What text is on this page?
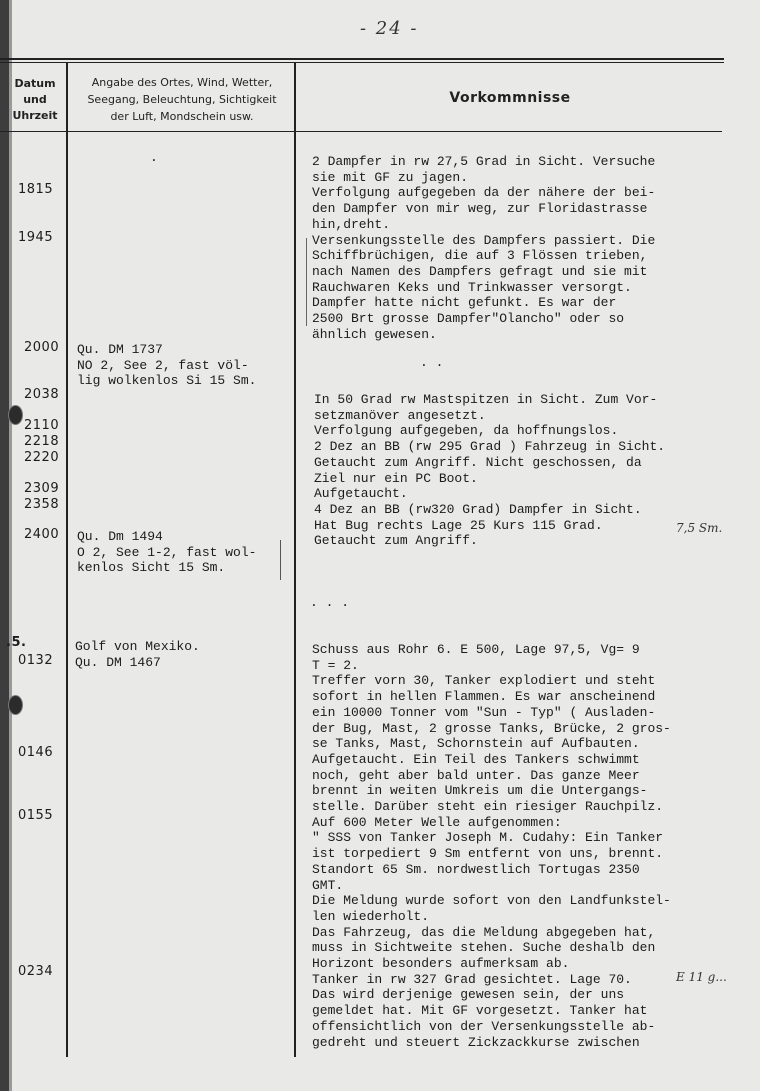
- 24 -
Datum
und
Uhrzeit
Angabe des Ortes, Wind, Wetter,
Seegang, Beleuchtung, Sichtigkeit
der Luft, Mondschein usw.
Vorkommnisse
1815
1945
2000
2038
2110
2218
2220
2309
2358
2400
.5.
0132
0146
0155
0234
Qu. DM 1737
NO 2, See 2, fast völ-
lig wolkenlos Si 15 Sm.
Qu. Dm 1494
O 2, See 1-2, fast wol-
kenlos Sicht 15 Sm.
Golf von Mexiko.
Qu. DM 1467
.	2 Dampfer in rw 27,5 Grad in Sicht. Versuche
sie mit GF zu jagen.
Verfolgung aufgegeben da der nähere der bei-
den Dampfer von mir weg, zur Floridastrasse
hin,dreht.
Versenkungsstelle des Dampfers passiert. Die
Schiffbrüchigen, die auf 3 Flössen trieben,
nach Namen des Dampfers gefragt und sie mit
Rauchwaren Keks und Trinkwasser versorgt.
Dampfer hatte nicht gefunkt. Es war der
2500 Brt grosse Dampfer"Olancho" oder so
ähnlich gewesen.
. . .
. .
In 50 Grad rw Mastspitzen in Sicht. Zum Vor-
setzmanöver angesetzt.
Verfolgung aufgegeben, da hoffnungslos.
2 Dez an BB (rw 295 Grad ) Fahrzeug in Sicht.
Getaucht zum Angriff. Nicht geschossen, da
Ziel nur ein PC Boot.
Aufgetaucht.
4 Dez an BB (rw320 Grad) Dampfer in Sicht.
Hat Bug rechts Lage 25 Kurs 115 Grad.
Getaucht zum Angriff.
Schuss aus Rohr 6. E 500, Lage 97,5, Vg= 9
T = 2.
Treffer vorn 30, Tanker explodiert und steht
sofort in hellen Flammen. Es war anscheinend
ein 10000 Tonner vom "Sun - Typ" ( Ausladen-
der Bug, Mast, 2 grosse Tanks, Brücke, 2 gros-
se Tanks, Mast, Schornstein auf Aufbauten.
Aufgetaucht. Ein Teil des Tankers schwimmt
noch, geht aber bald unter. Das ganze Meer
brennt in weiten Umkreis um die Untergangs-
stelle. Darüber steht ein riesiger Rauchpilz.
Auf 600 Meter Welle aufgenommen:
" SSS von Tanker Joseph M. Cudahy: Ein Tanker
ist torpediert 9 Sm entfernt von uns, brennt.
Standort 65 Sm. nordwestlich Tortugas 2350
GMT.
Die Meldung wurde sofort von den Landfunkstel-
len wiederholt.
Das Fahrzeug, das die Meldung abgegeben hat,
muss in Sichtweite stehen. Suche deshalb den
Horizont besonders aufmerksam ab.
Tanker in rw 327 Grad gesichtet. Lage 70.
Das wird derjenige gewesen sein, der uns
gemeldet hat. Mit GF vorgesetzt. Tanker hat
offensichtlich von der Versenkungsstelle ab-
gedreht und steuert Zickzackkurse zwischen
7,5 Sm.
E 11 g...
